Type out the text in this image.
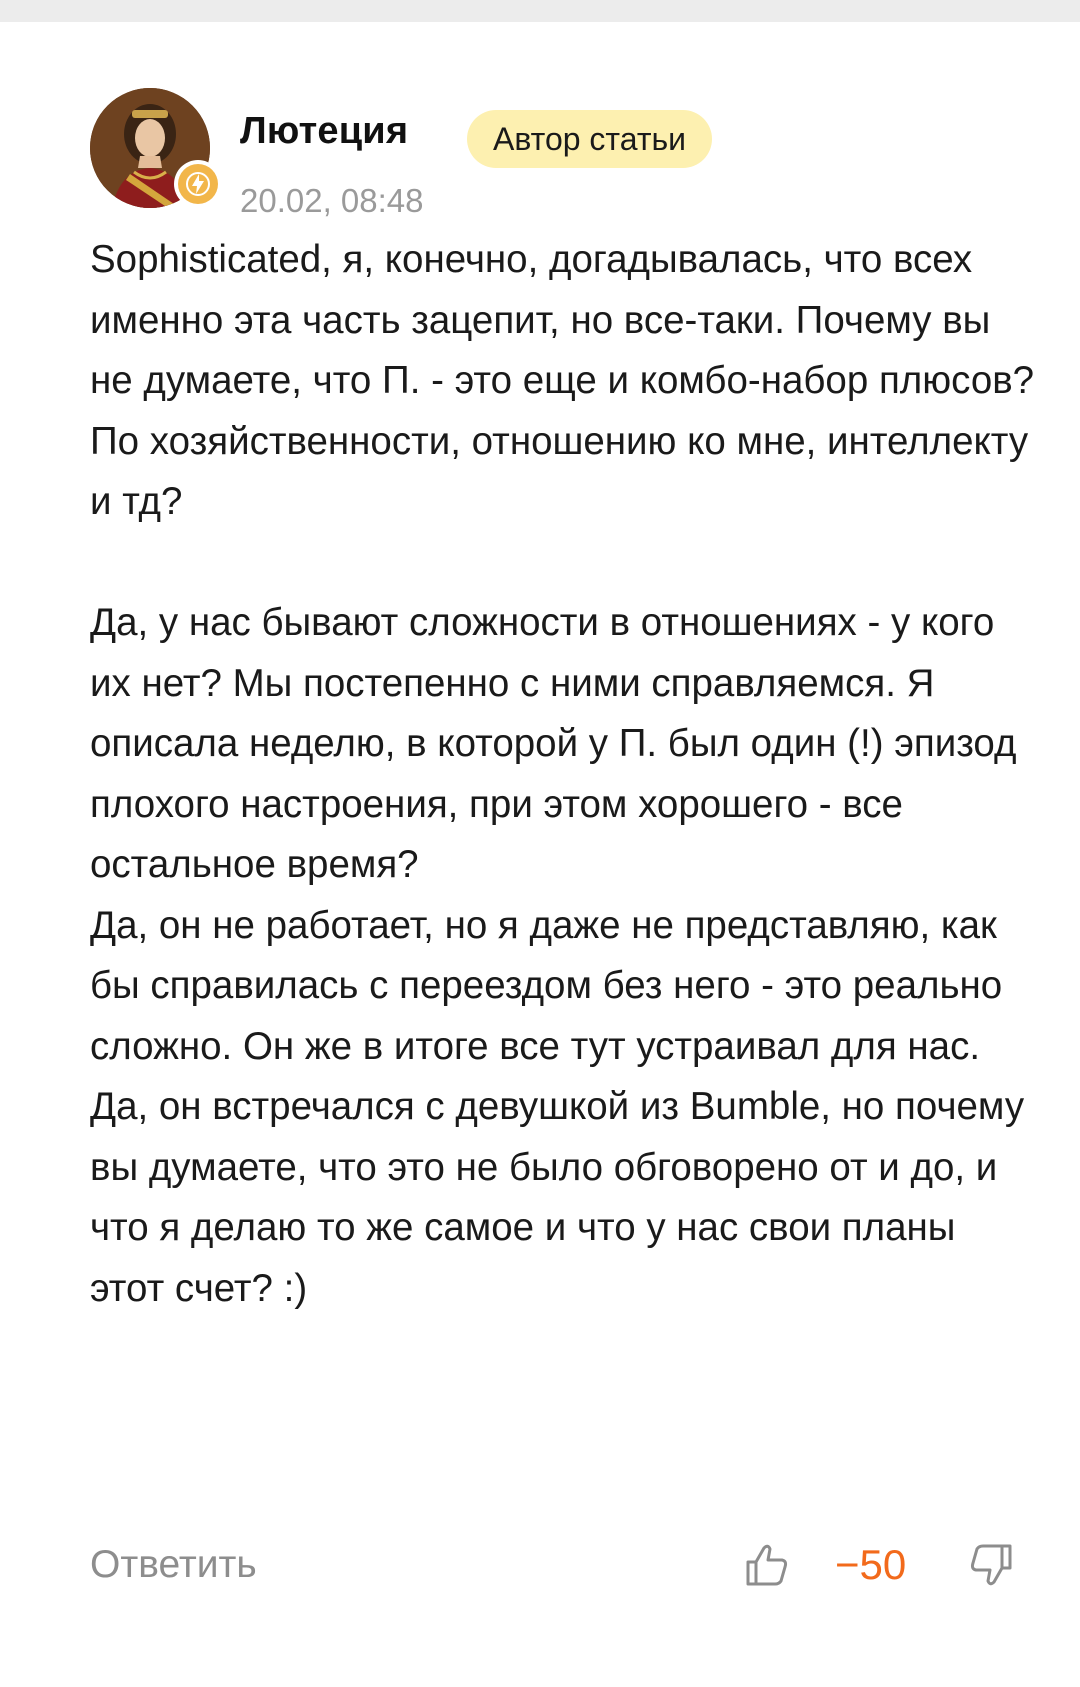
Лютеция	Автор статьи
20.02, 08:48

Sophisticated, я, конечно, догадывалась, что всех именно эта часть зацепит, но все-таки. Почему вы не думаете, что П. - это еще и комбо-набор плюсов? По хозяйственности, отношению ко мне, интеллекту и тд?

Да, у нас бывают сложности в отношениях - у кого их нет? Мы постепенно с ними справляемся. Я описала неделю, в которой у П. был один (!) эпизод плохого настроения, при этом хорошего - все остальное время?

Да, он не работает, но я даже не представляю, как бы справилась с переездом без него - это реально сложно. Он же в итоге все тут устраивал для нас.

Да, он встречался с девушкой из Bumble, но почему вы думаете, что это не было обговорено от и до, и что я делаю то же самое и что у нас свои планы этот счет? :)

Ответить	−50
